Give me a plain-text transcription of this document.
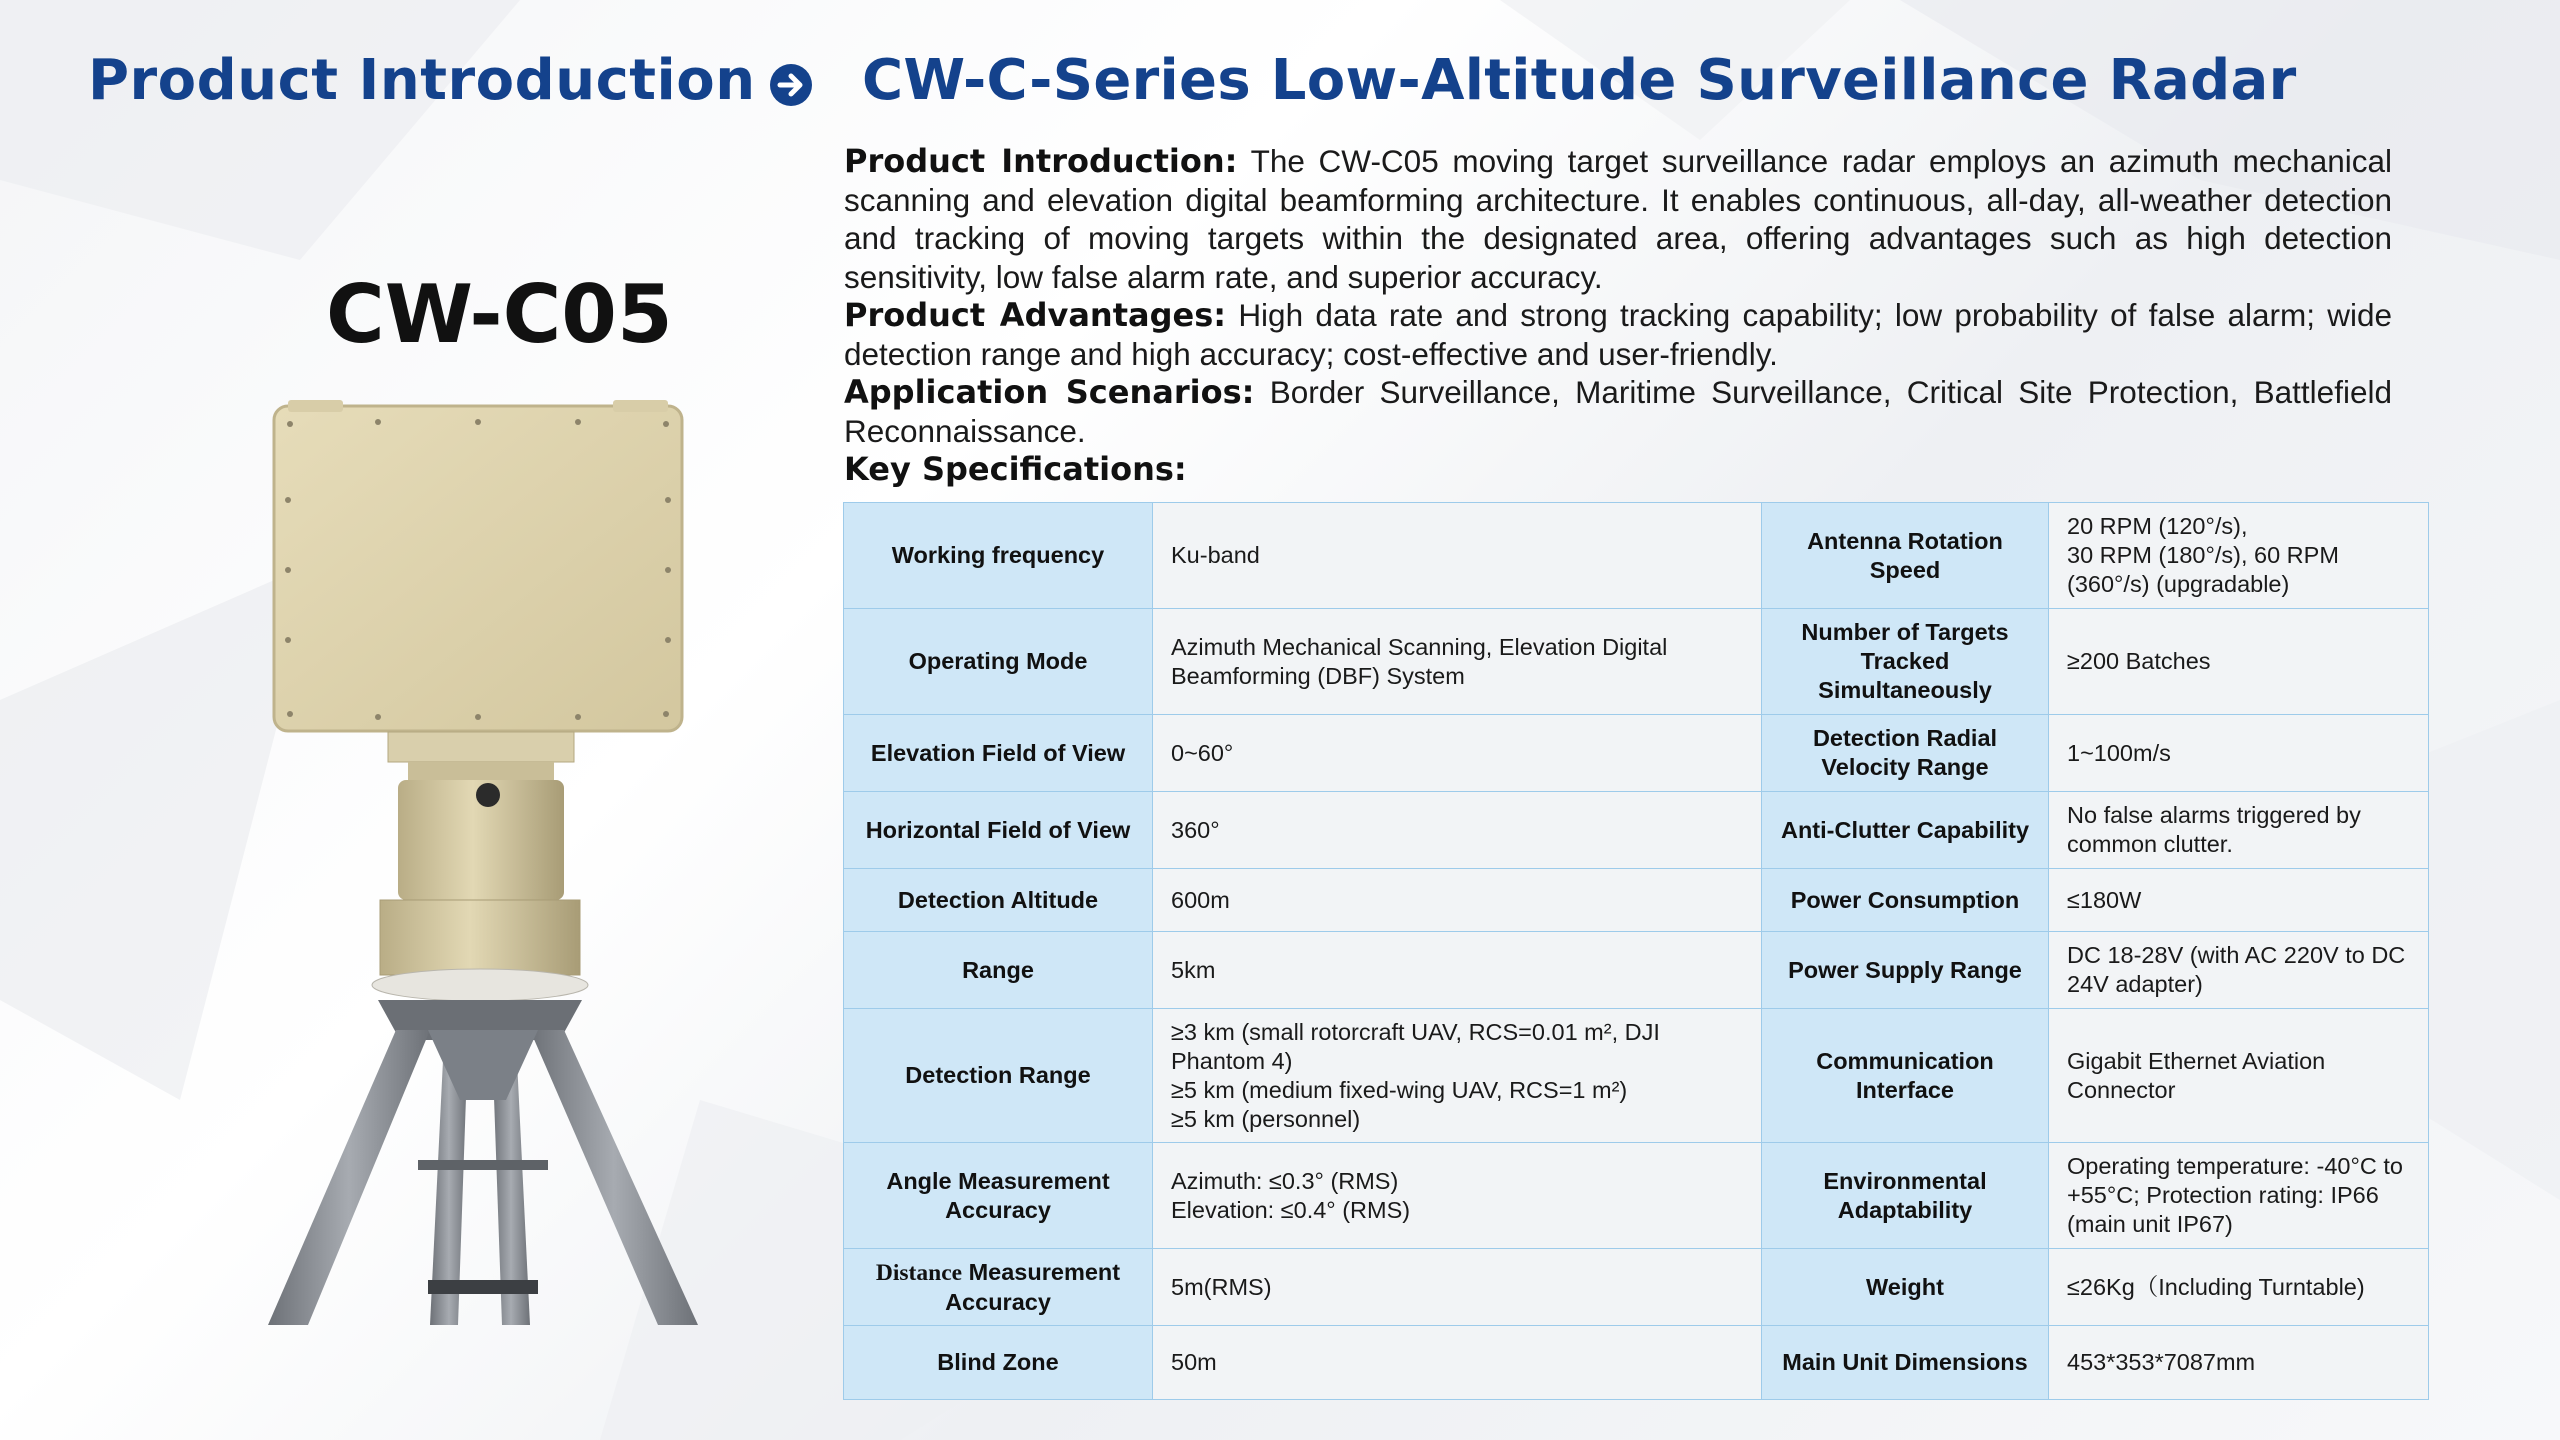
Product Introduction CW-C-Series Low-Altitude Surveillance Radar
CW-C05

Product Introduction: The CW-C05 moving target surveillance radar employs an azimuth mechanical scanning and elevation digital beamforming architecture. It enables continuous, all-day, all-weather detection and tracking of moving targets within the designated area, offering advantages such as high detection sensitivity, low false alarm rate, and superior accuracy.

Product Advantages: High data rate and strong tracking capability; low probability of false alarm; wide detection range and high accuracy; cost-effective and user-friendly.

Application Scenarios: Border Surveillance, Maritime Surveillance, Critical Site Protection, Battlefield Reconnaissance.

Key Specifications:

Working frequency	Ku-band	Antenna Rotation Speed	20 RPM (120°/s),
30 RPM (180°/s), 60 RPM (360°/s) (upgradable)
Operating Mode	Azimuth Mechanical Scanning, Elevation Digital Beamforming (DBF) System	Number of Targets Tracked Simultaneously	≥200 Batches
Elevation Field of View	0~60°	Detection Radial Velocity Range	1~100m/s
Horizontal Field of View	360°	Anti-Clutter Capability	No false alarms triggered by common clutter.
Detection Altitude	600m	Power Consumption	≤180W
Range	5km	Power Supply Range	DC 18-28V (with AC 220V to DC 24V adapter)
Detection Range	≥3 km (small rotorcraft UAV, RCS=0.01 m², DJI Phantom 4)
≥5 km (medium fixed-wing UAV, RCS=1 m²)
≥5 km (personnel)	Communication Interface	Gigabit Ethernet Aviation Connector
Angle Measurement Accuracy	Azimuth: ≤0.3° (RMS)
Elevation: ≤0.4° (RMS)	Environmental Adaptability	Operating temperature: -40°C to +55°C; Protection rating: IP66 (main unit IP67)
Distance Measurement Accuracy	5m(RMS)	Weight	≤26Kg（Including Turntable)
Blind Zone	50m	Main Unit Dimensions	453*353*7087mm
